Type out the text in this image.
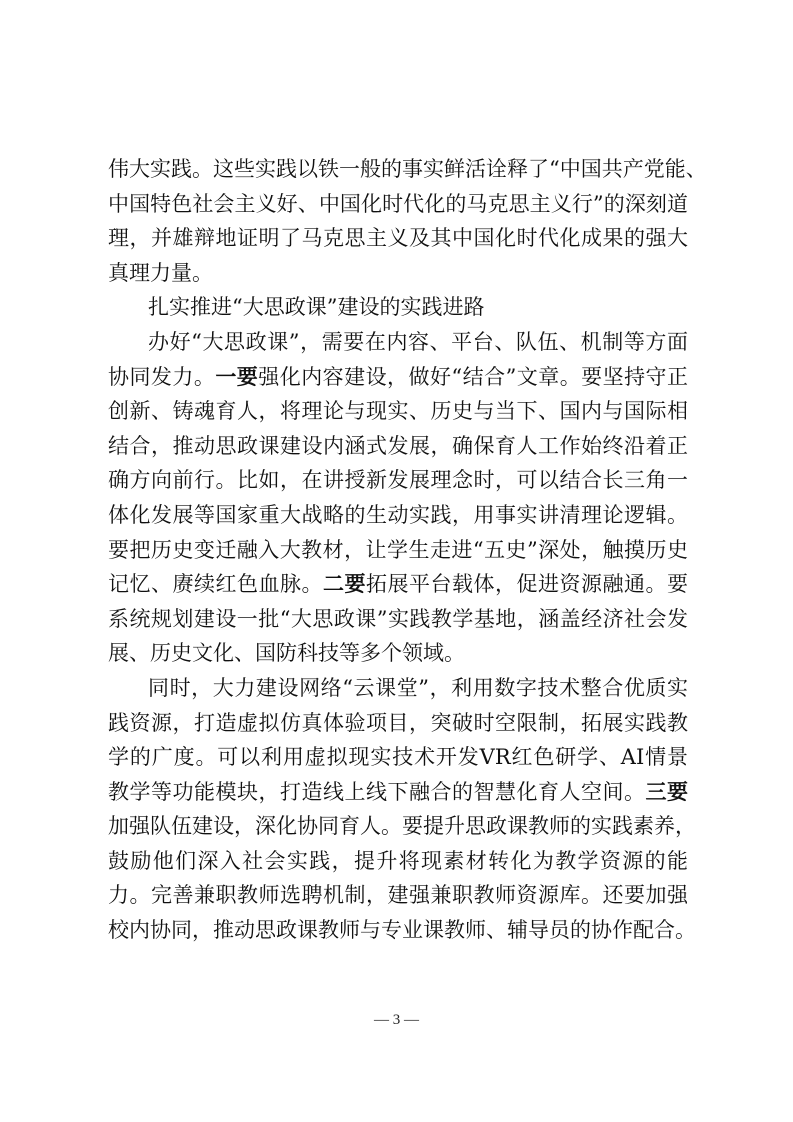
伟大实践。这些实践以铁一般的事实鲜活诠释了“中国共产党能、
中国特色社会主义好、中国化时代化的马克思主义行”的深刻道
理，并雄辩地证明了马克思主义及其中国化时代化成果的强大
真理力量。
扎实推进“大思政课”建设的实践进路
办好“大思政课”，需要在内容、平台、队伍、机制等方面
协同发力。一要强化内容建设，做好“结合”文章。要坚持守正
创新、铸魂育人，将理论与现实、历史与当下、国内与国际相
结合，推动思政课建设内涵式发展，确保育人工作始终沿着正
确方向前行。比如，在讲授新发展理念时，可以结合长三角一
体化发展等国家重大战略的生动实践，用事实讲清理论逻辑。
要把历史变迁融入大教材，让学生走进“五史”深处，触摸历史
记忆、赓续红色血脉。二要拓展平台载体，促进资源融通。要
系统规划建设一批“大思政课”实践教学基地，涵盖经济社会发
展、历史文化、国防科技等多个领域。
同时，大力建设网络“云课堂”，利用数字技术整合优质实
践资源，打造虚拟仿真体验项目，突破时空限制，拓展实践教
学的广度。可以利用虚拟现实技术开发VR红色研学、AI情景
教学等功能模块，打造线上线下融合的智慧化育人空间。三要
加强队伍建设，深化协同育人。要提升思政课教师的实践素养，
鼓励他们深入社会实践，提升将现素材转化为教学资源的能
力。完善兼职教师选聘机制，建强兼职教师资源库。还要加强
校内协同，推动思政课教师与专业课教师、辅导员的协作配合。
— 3 —
